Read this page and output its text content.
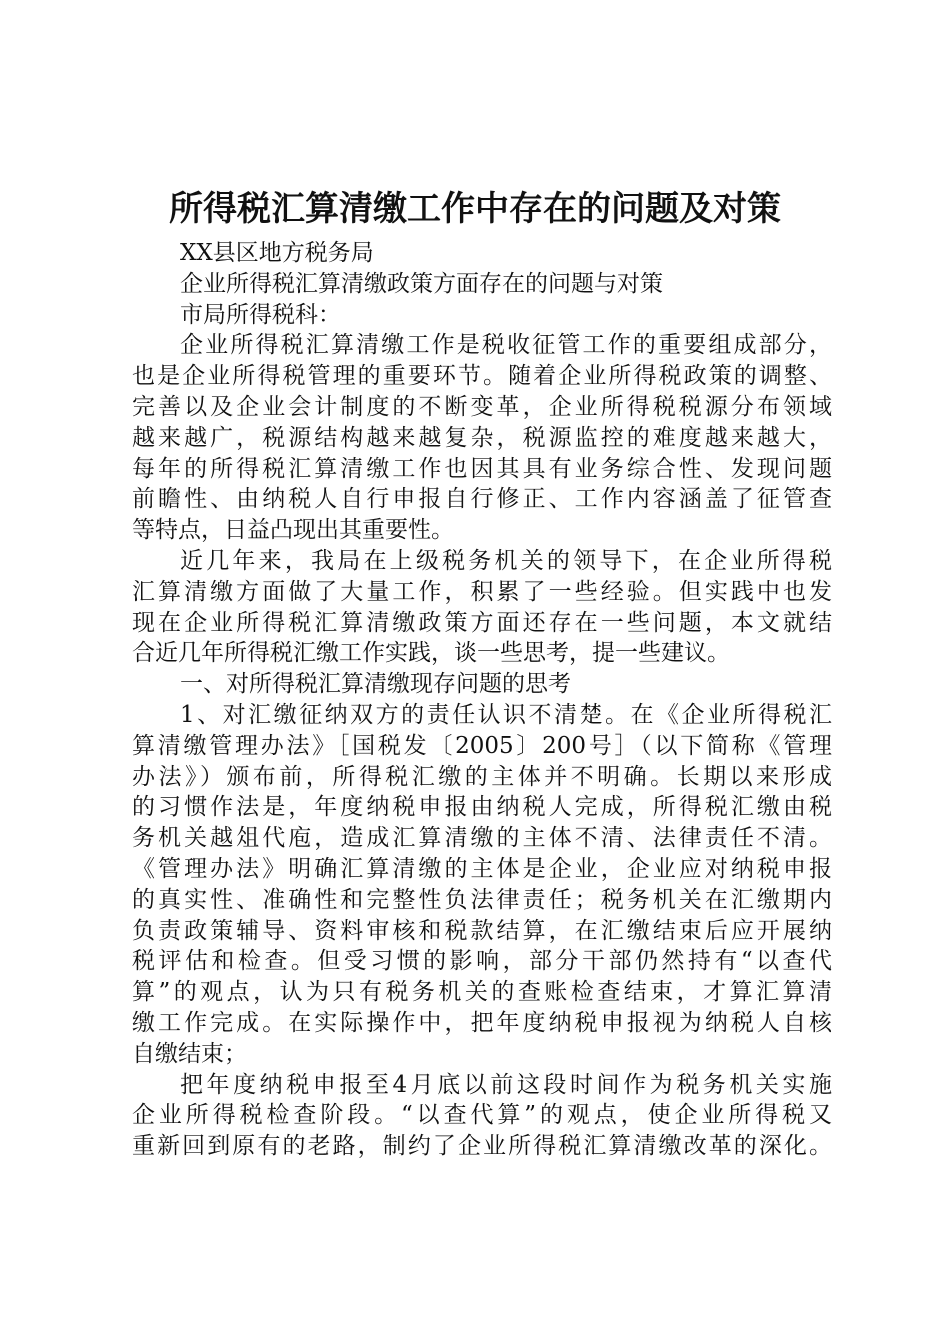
所得税汇算清缴工作中存在的问题及对策
XX县区地方税务局
企业所得税汇算清缴政策方面存在的问题与对策
市局所得税科：
企业所得税汇算清缴工作是税收征管工作的重要组成部分，
也是企业所得税管理的重要环节。随着企业所得税政策的调整、
完善以及企业会计制度的不断变革，企业所得税税源分布领域
越来越广，税源结构越来越复杂，税源监控的难度越来越大，
每年的所得税汇算清缴工作也因其具有业务综合性、发现问题
前瞻性、由纳税人自行申报自行修正、工作内容涵盖了征管查
等特点，日益凸现出其重要性。
近几年来，我局在上级税务机关的领导下，在企业所得税
汇算清缴方面做了大量工作，积累了一些经验。但实践中也发
现在企业所得税汇算清缴政策方面还存在一些问题，本文就结
合近几年所得税汇缴工作实践，谈一些思考，提一些建议。
一、对所得税汇算清缴现存问题的思考
1、对汇缴征纳双方的责任认识不清楚。在《企业所得税汇
算清缴管理办法》［国税发〔2005〕200号］（以下简称《管理
办法》）颁布前，所得税汇缴的主体并不明确。长期以来形成
的习惯作法是，年度纳税申报由纳税人完成，所得税汇缴由税
务机关越俎代庖，造成汇算清缴的主体不清、法律责任不清。
《管理办法》明确汇算清缴的主体是企业，企业应对纳税申报
的真实性、准确性和完整性负法律责任；税务机关在汇缴期内
负责政策辅导、资料审核和税款结算，在汇缴结束后应开展纳
税评估和检查。但受习惯的影响，部分干部仍然持有“以查代
算”的观点，认为只有税务机关的查账检查结束，才算汇算清
缴工作完成。在实际操作中，把年度纳税申报视为纳税人自核
自缴结束；
把年度纳税申报至4月底以前这段时间作为税务机关实施
企业所得税检查阶段。“以查代算”的观点，使企业所得税又
重新回到原有的老路，制约了企业所得税汇算清缴改革的深化。
